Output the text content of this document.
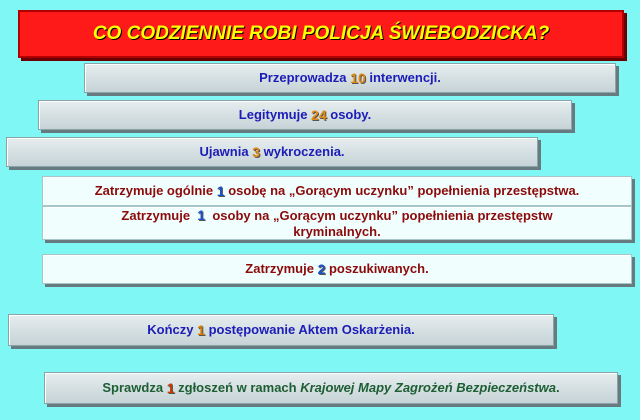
CO CODZIENNIE ROBI POLICJA ŚWIEBODZICKA?
Przeprowadza
10
interwencji.
Legitymuje
24
osoby.
Ujawnia
3
wykroczenia.
Zatrzymuje ogólnie
1
osobę na „Gorącym uczynku” popełnienia przestępstwa.
Zatrzymuje  1  osoby na „Gorącym uczynku” popełnienia przestępstw kryminalnych.
Zatrzymuje
2
poszukiwanych.
Kończy
1
postępowanie Aktem Oskarżenia.
Sprawdza
1
zgłoszeń w ramach
Krajowej Mapy Zagrożeń Bezpieczeństwa .
